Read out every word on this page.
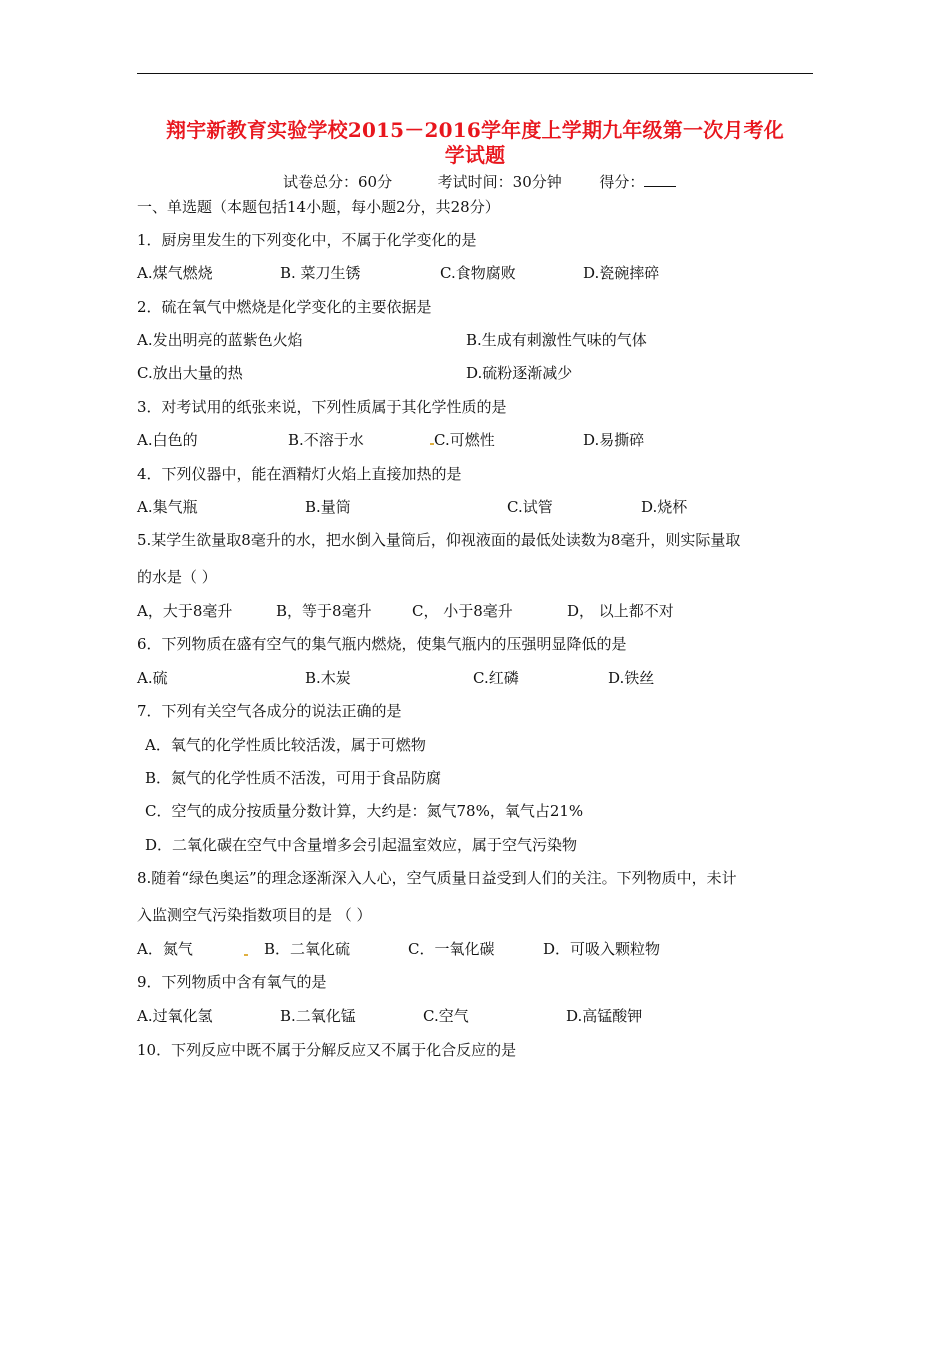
翔宇新教育实验学校2015－2016学年度上学期九年级第一次月考化
学试题
试卷总分：60分	考试时间：30分钟	得分：
一、单选题（本题包括14小题，每小题2分，共28分）
1．厨房里发生的下列变化中，不属于化学变化的是
A.煤气燃烧	B. 菜刀生锈	C.食物腐败	D.瓷碗摔碎
2．硫在氧气中燃烧是化学变化的主要依据是
A.发出明亮的蓝紫色火焰	B.生成有刺激性气味的气体
C.放出大量的热	D.硫粉逐渐减少
3．对考试用的纸张来说，下列性质属于其化学性质的是
A.白色的	B.不溶于水	C.可燃性	D.易撕碎
4．下列仪器中，能在酒精灯火焰上直接加热的是
A.集气瓶	B.量筒	C.试管	D.烧杯
5.某学生欲量取8毫升的水，把水倒入量筒后，仰视液面的最低处读数为8毫升，则实际量取
的水是（ ）
A，大于8毫升	B，等于8毫升	C， 小于8毫升	D， 以上都不对
6．下列物质在盛有空气的集气瓶内燃烧，使集气瓶内的压强明显降低的是
A.硫	B.木炭	C.红磷	D.铁丝
7．下列有关空气各成分的说法正确的是
A．氧气的化学性质比较活泼，属于可燃物
B．氮气的化学性质不活泼，可用于食品防腐
C．空气的成分按质量分数计算，大约是：氮气78%，氧气占21%
D．二氧化碳在空气中含量增多会引起温室效应，属于空气污染物
8.随着“绿色奥运”的理念逐渐深入人心，空气质量日益受到人们的关注。下列物质中，未计
入监测空气污染指数项目的是 （ ）
A．氮气	B．二氧化硫	C．一氧化碳	D．可吸入颗粒物
9．下列物质中含有氧气的是
A.过氧化氢	B.二氧化锰	C.空气	D.高锰酸钾
10．下列反应中既不属于分解反应又不属于化合反应的是
